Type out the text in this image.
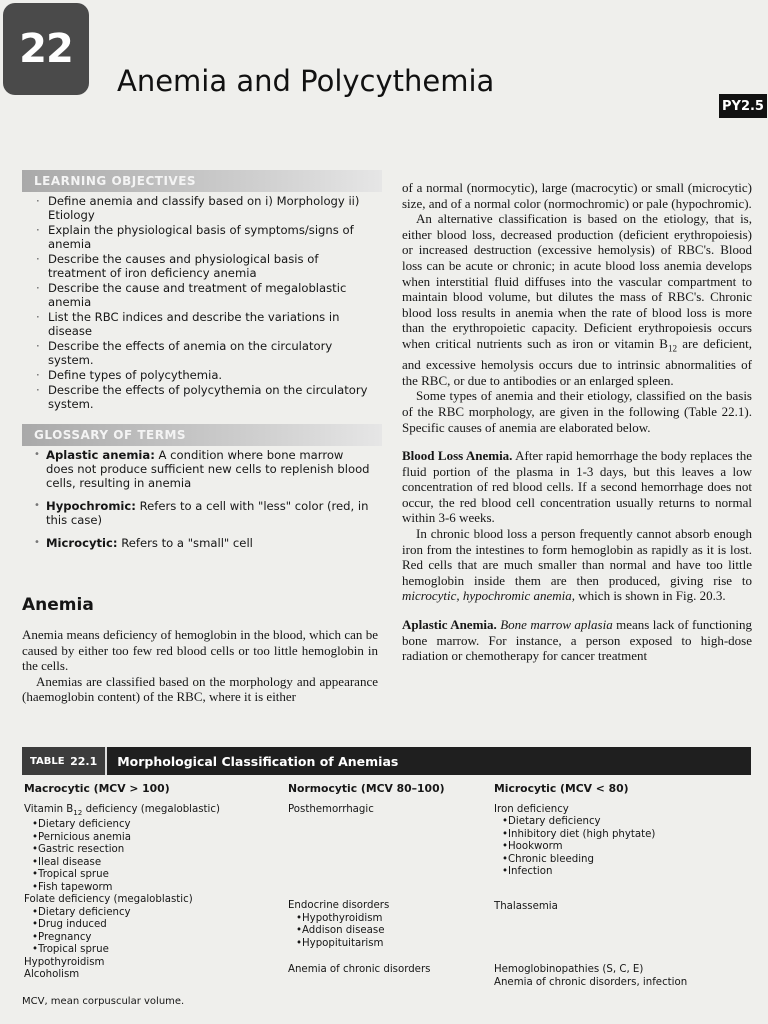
22
Anemia and Polycythemia
PY2.5
LEARNING OBJECTIVES
· Define anemia and classify based on i) Morphology ii) Etiology
· Explain the physiological basis of symptoms/signs of anemia
· Describe the causes and physiological basis of treatment of iron deficiency anemia
· Describe the cause and treatment of megaloblastic anemia
· List the RBC indices and describe the variations in disease
· Describe the effects of anemia on the circulatory system.
· Define types of polycythemia.
· Describe the effects of polycythemia on the circulatory system.
GLOSSARY OF TERMS
• Aplastic anemia: A condition where bone marrow does not produce sufficient new cells to replenish blood cells, resulting in anemia
• Hypochromic: Refers to a cell with "less" color (red, in this case)
• Microcytic: Refers to a "small" cell
Anemia

Anemia means deficiency of hemoglobin in the blood, which can be caused by either too few red blood cells or too little hemoglobin in the cells.

Anemias are classified based on the morphology and appearance (haemoglobin content) of the RBC, where it is either

of a normal (normocytic), large (macrocytic) or small (microcytic) size, and of a normal color (normochromic) or pale (hypochromic).

An alternative classification is based on the etiology, that is, either blood loss, decreased production (deficient erythropoiesis) or increased destruction (excessive hemolysis) of RBC's. Blood loss can be acute or chronic; in acute blood loss anemia develops when interstitial fluid diffuses into the vascular compartment to maintain blood volume, but dilutes the mass of RBC's. Chronic blood loss results in anemia when the rate of blood loss is more than the erythropoietic capacity. Deficient erythropoiesis occurs when critical nutrients such as iron or vitamin $B_{12}$ are deficient, and excessive hemolysis occurs due to intrinsic abnormalities of the RBC, or due to antibodies or an enlarged spleen.

Some types of anemia and their etiology, classified on the basis of the RBC morphology, are given in the following (Table 22.1). Specific causes of anemia are elaborated below.

Blood Loss Anemia. After rapid hemorrhage the body replaces the fluid portion of the plasma in 1-3 days, but this leaves a low concentration of red blood cells. If a second hemorrhage does not occur, the red blood cell concentration usually returns to normal within 3-6 weeks.

In chronic blood loss a person frequently cannot absorb enough iron from the intestines to form hemoglobin as rapidly as it is lost. Red cells that are much smaller than normal and have too little hemoglobin inside them are then produced, giving rise to microcytic, hypochromic anemia, which is shown in Fig. 20.3.

Aplastic Anemia. Bone marrow aplasia means lack of functioning bone marrow. For instance, a person exposed to high-dose radiation or chemotherapy for cancer treatment

TABLE
22.1	Morphological Classification of Anemias
Macrocytic (MCV > 100)
Vitamin $B_{12}$ deficiency (megaloblastic)
• Dietary deficiency
• Pernicious anemia
• Gastric resection
• Ileal disease
• Tropical sprue
• Fish tapeworm
Folate deficiency (megaloblastic)
• Dietary deficiency
• Drug induced
• Pregnancy
• Tropical sprue
Hypothyroidism
Alcoholism
Normocytic (MCV 80–100)
Posthemorrhagic
Endocrine disorders
• Hypothyroidism
• Addison disease
• Hypopituitarism
Anemia of chronic disorders
Microcytic (MCV < 80)
Iron deficiency
• Dietary deficiency
• Inhibitory diet (high phytate)
• Hookworm
• Chronic bleeding
• Infection
Thalassemia
Hemoglobinopathies (S, C, E)
Anemia of chronic disorders, infection
MCV, mean corpuscular volume.
